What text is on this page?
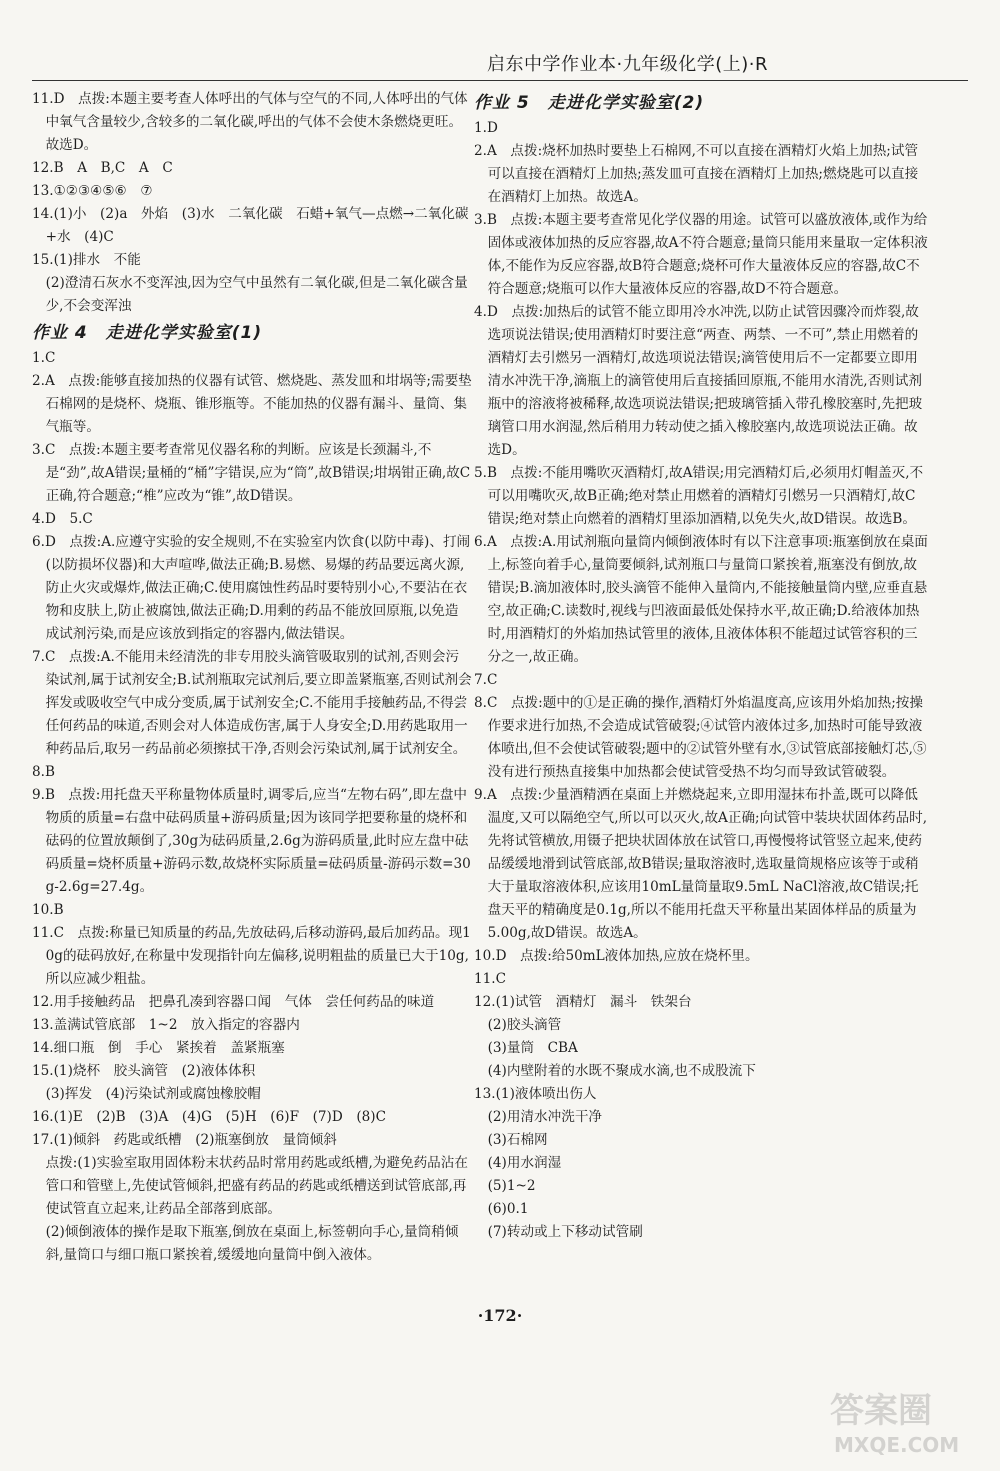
启东中学作业本·九年级化学(上)·R
11.D　点拨:本题主要考查人体呼出的气体与空气的不同,人体呼出的气体中氧气含量较少,含较多的二氧化碳,呼出的气体不会使木条燃烧更旺。故选D。
12.B　A　B,C　A　C
13.①②③④⑤⑥　⑦
14.(1)小　(2)a　外焰　(3)水　二氧化碳　石蜡+氧气—点燃→二氧化碳+水　(4)C
15.(1)排水　不能
(2)澄清石灰水不变浑浊,因为空气中虽然有二氧化碳,但是二氧化碳含量少,不会变浑浊
作业 4　走进化学实验室(1)
1.C
2.A　点拨:能够直接加热的仪器有试管、燃烧匙、蒸发皿和坩埚等;需要垫石棉网的是烧杯、烧瓶、锥形瓶等。不能加热的仪器有漏斗、量筒、集气瓶等。
3.C　点拨:本题主要考查常见仪器名称的判断。应该是长颈漏斗,不是“劲”,故A错误;量桶的“桶”字错误,应为“筒”,故B错误;坩埚钳正确,故C正确,符合题意;“椎”应改为“锥”,故D错误。
4.D　5.C
6.D　点拨:A.应遵守实验的安全规则,不在实验室内饮食(以防中毒)、打闹(以防损坏仪器)和大声喧哗,做法正确;B.易燃、易爆的药品要远离火源,防止火灾或爆炸,做法正确;C.使用腐蚀性药品时要特别小心,不要沾在衣物和皮肤上,防止被腐蚀,做法正确;D.用剩的药品不能放回原瓶,以免造成试剂污染,而是应该放到指定的容器内,做法错误。
7.C　点拨:A.不能用未经清洗的非专用胶头滴管吸取别的试剂,否则会污染试剂,属于试剂安全;B.试剂瓶取完试剂后,要立即盖紧瓶塞,否则试剂会挥发或吸收空气中成分变质,属于试剂安全;C.不能用手接触药品,不得尝任何药品的味道,否则会对人体造成伤害,属于人身安全;D.用药匙取用一种药品后,取另一药品前必须擦拭干净,否则会污染试剂,属于试剂安全。
8.B
9.B　点拨:用托盘天平称量物体质量时,调零后,应当“左物右码”,即左盘中物质的质量=右盘中砝码质量+游码质量;因为该同学把要称量的烧杯和砝码的位置放颠倒了,30g为砝码质量,2.6g为游码质量,此时应左盘中砝码质量=烧杯质量+游码示数,故烧杯实际质量=砝码质量-游码示数=30g-2.6g=27.4g。
10.B
11.C　点拨:称量已知质量的药品,先放砝码,后移动游码,最后加药品。现10g的砝码放好,在称量中发现指针向左偏移,说明粗盐的质量已大于10g,所以应减少粗盐。
12.用手接触药品　把鼻孔凑到容器口闻　气体　尝任何药品的味道
13.盖满试管底部　1~2　放入指定的容器内
14.细口瓶　倒　手心　紧挨着　盖紧瓶塞
15.(1)烧杯　胶头滴管　(2)液体体积
(3)挥发　(4)污染试剂或腐蚀橡胶帽
16.(1)E　(2)B　(3)A　(4)G　(5)H　(6)F　(7)D　(8)C
17.(1)倾斜　药匙或纸槽　(2)瓶塞倒放　量筒倾斜
点拨:(1)实验室取用固体粉末状药品时常用药匙或纸槽,为避免药品沾在管口和管壁上,先使试管倾斜,把盛有药品的药匙或纸槽送到试管底部,再使试管直立起来,让药品全部落到底部。
(2)倾倒液体的操作是取下瓶塞,倒放在桌面上,标签朝向手心,量筒稍倾斜,量筒口与细口瓶口紧挨着,缓缓地向量筒中倒入液体。
作业 5　走进化学实验室(2)
1.D
2.A　点拨:烧杯加热时要垫上石棉网,不可以直接在酒精灯火焰上加热;试管可以直接在酒精灯上加热;蒸发皿可直接在酒精灯上加热;燃烧匙可以直接在酒精灯上加热。故选A。
3.B　点拨:本题主要考查常见化学仪器的用途。试管可以盛放液体,或作为给固体或液体加热的反应容器,故A不符合题意;量筒只能用来量取一定体积液体,不能作为反应容器,故B符合题意;烧杯可作大量液体反应的容器,故C不符合题意;烧瓶可以作大量液体反应的容器,故D不符合题意。
4.D　点拨:加热后的试管不能立即用冷水冲洗,以防止试管因骤冷而炸裂,故选项说法错误;使用酒精灯时要注意“两查、两禁、一不可”,禁止用燃着的酒精灯去引燃另一酒精灯,故选项说法错误;滴管使用后不一定都要立即用清水冲洗干净,滴瓶上的滴管使用后直接插回原瓶,不能用水清洗,否则试剂瓶中的溶液将被稀释,故选项说法错误;把玻璃管插入带孔橡胶塞时,先把玻璃管口用水润湿,然后稍用力转动使之插入橡胶塞内,故选项说法正确。故选D。
5.B　点拨:不能用嘴吹灭酒精灯,故A错误;用完酒精灯后,必须用灯帽盖灭,不可以用嘴吹灭,故B正确;绝对禁止用燃着的酒精灯引燃另一只酒精灯,故C错误;绝对禁止向燃着的酒精灯里添加酒精,以免失火,故D错误。故选B。
6.A　点拨:A.用试剂瓶向量筒内倾倒液体时有以下注意事项:瓶塞倒放在桌面上,标签向着手心,量筒要倾斜,试剂瓶口与量筒口紧挨着,瓶塞没有倒放,故错误;B.滴加液体时,胶头滴管不能伸入量筒内,不能接触量筒内壁,应垂直悬空,故正确;C.读数时,视线与凹液面最低处保持水平,故正确;D.给液体加热时,用酒精灯的外焰加热试管里的液体,且液体体积不能超过试管容积的三分之一,故正确。
7.C
8.C　点拨:题中的①是正确的操作,酒精灯外焰温度高,应该用外焰加热;按操作要求进行加热,不会造成试管破裂;④试管内液体过多,加热时可能导致液体喷出,但不会使试管破裂;题中的②试管外壁有水,③试管底部接触灯芯,⑤没有进行预热直接集中加热都会使试管受热不均匀而导致试管破裂。
9.A　点拨:少量酒精洒在桌面上并燃烧起来,立即用湿抹布扑盖,既可以降低温度,又可以隔绝空气,所以可以灭火,故A正确;向试管中装块状固体药品时,先将试管横放,用镊子把块状固体放在试管口,再慢慢将试管竖立起来,使药品缓缓地滑到试管底部,故B错误;量取溶液时,选取量筒规格应该等于或稍大于量取溶液体积,应该用10mL量筒量取9.5mL NaCl溶液,故C错误;托盘天平的精确度是0.1g,所以不能用托盘天平称量出某固体样品的质量为5.00g,故D错误。故选A。
10.D　点拨:给50mL液体加热,应放在烧杯里。
11.C
12.(1)试管　酒精灯　漏斗　铁架台
(2)胶头滴管
(3)量筒　CBA
(4)内壁附着的水既不聚成水滴,也不成股流下
13.(1)液体喷出伤人
(2)用清水冲洗干净
(3)石棉网
(4)用水润湿
(5)1~2
(6)0.1
(7)转动或上下移动试管刷
·172·
答案圈
MXQE.COM
